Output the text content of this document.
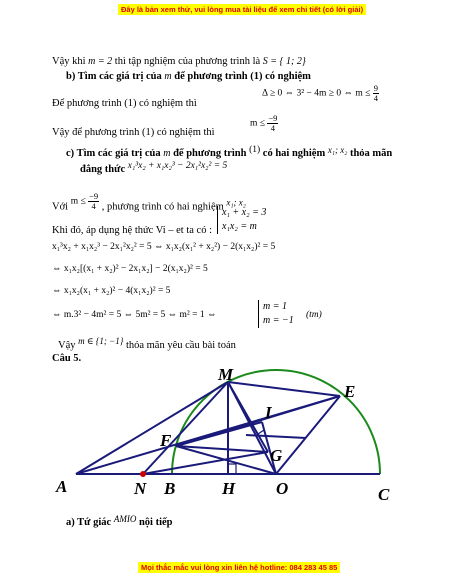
Đây là bản xem thử, vui lòng mua tài liệu để xem chi tiết (có lời giải)
Vậy khi m = 2 thì tập nghiệm của phương trình là S = { 1; 2}
b) Tìm các giá trị của m để phương trình (1) có nghiệm
Để phương trình (1) có nghiệm thì
Δ ≥ 0 ⇔ 3² − 4m ≥ 0 ⇔ $m \le \frac{9}{4}$
Vậy để phương trình (1) có nghiệm thì
$m \le \frac{-9}{4}$
c) Tìm các giá trị của m để phương trình (1) có hai nghiệm x₁; x₂ thỏa mãn
đẳng thức x₁³x₂ + x₁x₂³ − 2x₁²x₂² = 5
Với $m \le \frac{-9}{4}$ , phương trình có hai nghiệm x₁; x₂
Khi đó, áp dụng hệ thức Vi – et ta có :
x₁ + x₂ = 3
x₁x₂ = m
x₁³x₂ + x₁x₂³ − 2x₁²x₂² = 5 ⇔ x₁x₂(x₁² + x₂²) − 2(x₁x₂)² = 5
⇔ x₁x₂[(x₁ + x₂)² − 2x₁x₂] − 2(x₁x₂)² = 5
⇔ x₁x₂(x₁ + x₂)² − 4(x₁x₂)² = 5
⇔ m.3² − 4m² = 5 ⇔ 5m² = 5 ⇔ m² = 1 ⇔
m = 1
m = −1 (tm)
Vậy m ∈ {1; −1} thỏa mãn yêu cầu bài toán
Câu 5.
M
E
I
F
G
A	N B	H O	C
a) Tứ giác AMIO nội tiếp
Mọi thắc mắc vui lòng xin liên hệ hotline: 084 283 45 85
